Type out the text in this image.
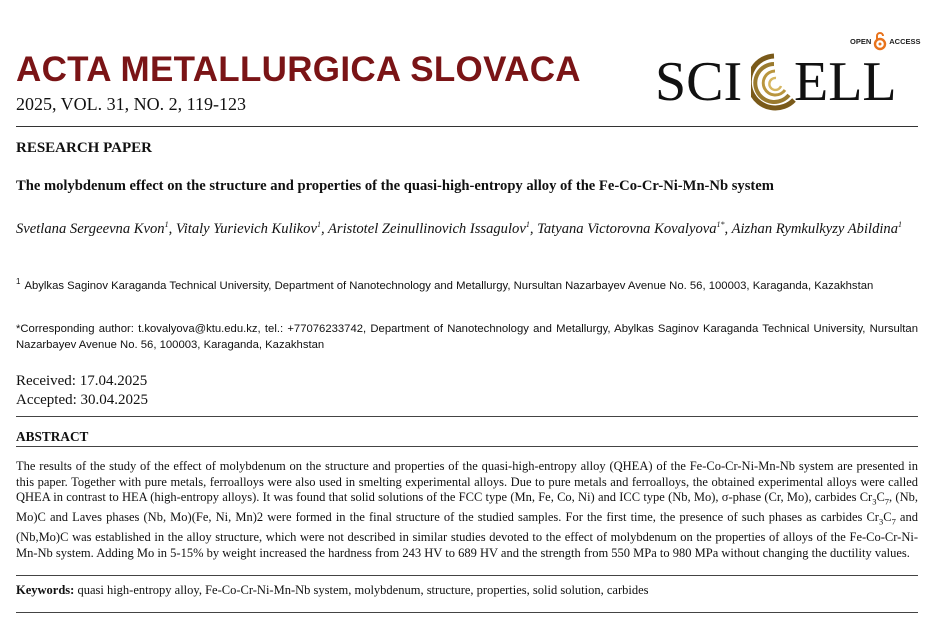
ACTA METALLURGICA SLOVACA
2025, VOL. 31, NO. 2, 119-123
OPEN ACCESS
SCI ELL
RESEARCH PAPER
The molybdenum effect on the structure and properties of the quasi-high-entropy alloy of the Fe-Co-Cr-Ni-Mn-Nb system
Svetlana Sergeevna Kvon$^1$, Vitaly Yurievich Kulikov$^1$, Aristotel Zeinullinovich Issagulov$^1$, Tatyana Victorovna Kovalyova$^{1*}$, Aizhan Rymkulkyzy Abildina$^1$
$^1$ Abylkas Saginov Karaganda Technical University, Department of Nanotechnology and Metallurgy, Nursultan Nazarbayev Avenue No. 56, 100003, Karaganda, Kazakhstan
*Corresponding author: t.kovalyova@ktu.edu.kz, tel.: +77076233742, Department of Nanotechnology and Metallurgy, Abylkas Saginov Karaganda Technical University, Nursultan Nazarbayev Avenue No. 56, 100003, Karaganda, Kazakhstan
Received: 17.04.2025
Accepted: 30.04.2025
ABSTRACT
The results of the study of the effect of molybdenum on the structure and properties of the quasi-high-entropy alloy (QHEA) of the Fe-Co-Cr-Ni-Mn-Nb system are presented in this paper. Together with pure metals, ferroalloys were also used in smelting experimental alloys. Due to pure metals and ferroalloys, the obtained experimental alloys were called QHEA in contrast to HEA (high-entropy alloys). It was found that solid solutions of the FCC type (Mn, Fe, Co, Ni) and ICC type (Nb, Mo), σ-phase (Cr, Mo), carbides $Cr_3C_7$, (Nb, Mo)C and Laves phases (Nb, Mo)(Fe, Ni, Mn)2 were formed in the final structure of the studied samples. For the first time, the presence of such phases as carbides $Cr_3C_7$ and (Nb,Mo)C was established in the alloy structure, which were not described in similar studies devoted to the effect of molybdenum on the properties of alloys of the Fe-Co-Cr-Ni-Mn-Nb system. Adding Mo in 5-15% by weight increased the hardness from 243 HV to 689 HV and the strength from 550 MPa to 980 MPa without changing the ductility values.
Keywords: quasi high-entropy alloy, Fe-Co-Cr-Ni-Mn-Nb system, molybdenum, structure, properties, solid solution, carbides
